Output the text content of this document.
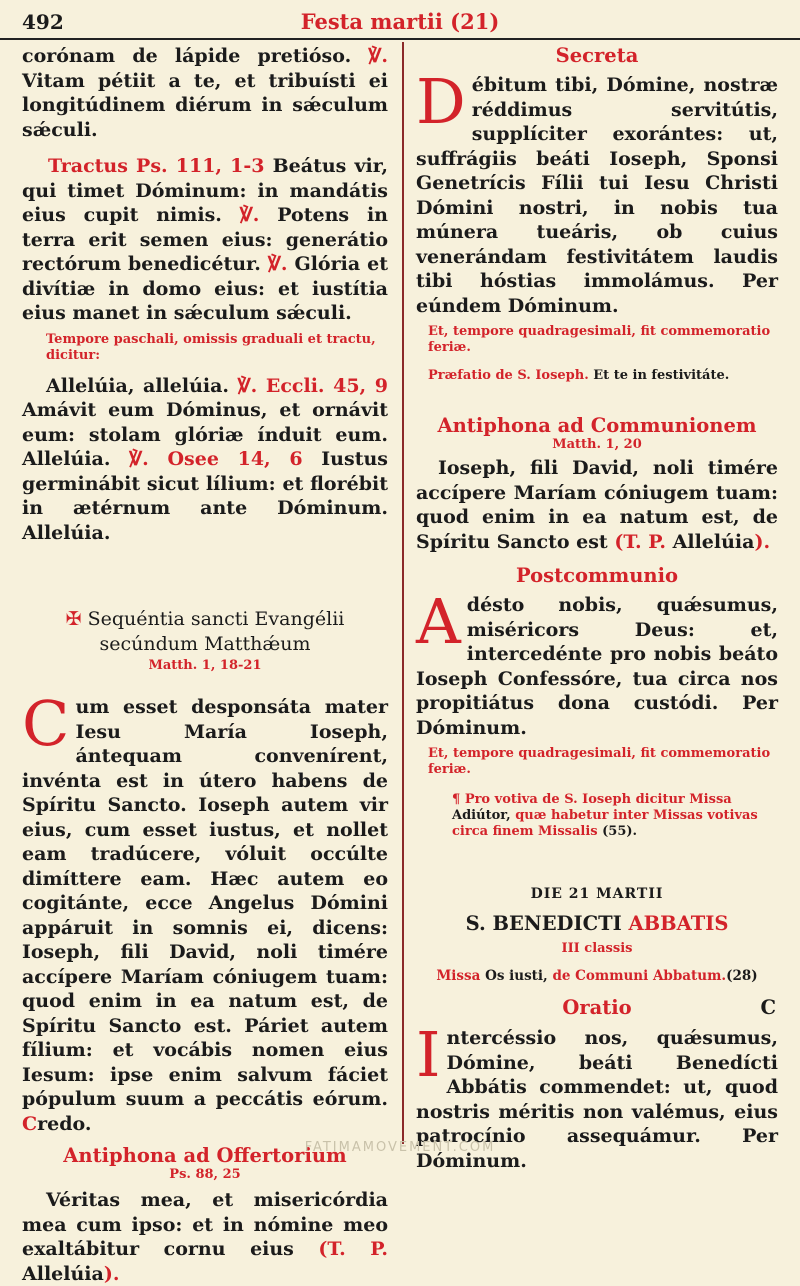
492	Festa martii (21)

corónam de lápide pretióso. ℣. Vitam pétiit a te, et tribuísti ei longitúdinem diérum in sǽculum sǽculi.

Tractus Ps. 111, 1-3 Beátus vir, qui timet Dóminum: in mandátis eius cupit nimis. ℣. Potens in terra erit semen eius: generátio rectórum benedicétur. ℣. Glória et divítiæ in domo eius: et iustítia eius manet in sǽculum sǽculi.

Tempore paschali, omissis graduali et tractu, dicitur:

Allelúia, allelúia. ℣. Eccli. 45, 9 Amávit eum Dóminus, et ornávit eum: stolam glóriæ índuit eum. Allelúia. ℣. Osee 14, 6 Iustus germinábit sicut lílium: et florébit in ætérnum ante Dóminum. Allelúia.

✠ Sequéntia sancti Evangélii secúndum Matthǽum

Matth. 1, 18-21

C um esset desponsáta mater Iesu María Ioseph, ántequam convenírent, invénta est in útero habens de Spíritu Sancto. Ioseph autem vir eius, cum esset iustus, et nollet eam tradúcere, vóluit occúlte dimíttere eam. Hæc autem eo cogitánte, ecce Angelus Dómini appáruit in somnis ei, dicens: Ioseph, fili David, noli timére accípere Maríam cóniugem tuam: quod enim in ea natum est, de Spíritu Sancto est. Páriet autem fílium: et vocábis nomen eius Iesum: ipse enim salvum fáciet pópulum suum a peccátis eórum. Credo.

Antiphona ad Offertorium

Ps. 88, 25

Véritas mea, et misericórdia mea cum ipso: et in nómine meo exaltábitur cornu eius (T. P. Allelúia).

Secreta

D ébitum tibi, Dómine, nostræ réddimus servitútis, supplíciter exorántes: ut, suffrágiis beáti Ioseph, Sponsi Genetrícis Fílii tui Iesu Christi Dómini nostri, in nobis tua múnera tueáris, ob cuius venerándam festivitátem laudis tibi hóstias immolámus. Per eúndem Dóminum.

Et, tempore quadragesimali, fit commemoratio feriæ.

Præfatio de S. Ioseph. Et te in festivitáte.

Antiphona ad Communionem

Matth. 1, 20

Ioseph, fili David, noli timére accípere Maríam cóniugem tuam: quod enim in ea natum est, de Spíritu Sancto est (T. P. Allelúia).

Postcommunio

A désto nobis, quǽsumus, miséricors Deus: et, intercedénte pro nobis beáto Ioseph Confessóre, tua circa nos propitiátus dona custódi. Per Dóminum.

Et, tempore quadragesimali, fit commemoratio feriæ.

¶ Pro votiva de S. Ioseph dicitur Missa Adiútor, quæ habetur inter Missas votivas circa finem Missalis (55).

DIE 21 MARTII

S. BENEDICTI ABBATIS

III classis

Missa Os iusti, de Communi Abbatum.(28)

Oratio	C

I ntercéssio nos, quǽsumus, Dómine, beáti Benedícti Abbátis commendet: ut, quod nostris méritis non valémus, eius patrocínio assequámur. Per Dóminum.

FATIMAMOVEMENT.COM
